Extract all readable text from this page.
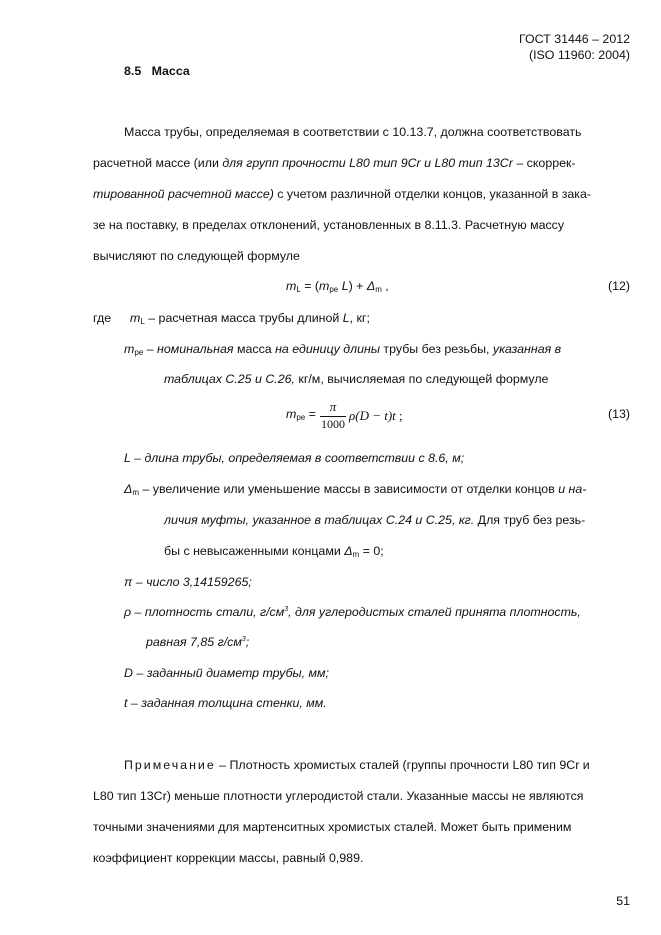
ГОСТ 31446 – 2012
(ISO 11960: 2004)
8.5 Масса
Масса трубы, определяемая в соответствии с 10.13.7, должна соответствовать
расчетной массе (или для групп прочности L80 тип 9Cr и L80 тип 13Cr – скоррек-
тированной расчетной массе) с учетом различной отделки концов, указанной в зака-
зе на поставку, в пределах отклонений, установленных в 8.11.3. Расчетную массу
вычисляют по следующей формуле
$m_L = (m_{pe}$ $L) + \Delta_m$ ,	(12)
где $m_L$ – расчетная масса трубы длиной L, кг;
$m_{pe}$ – номинальная масса на единицу длины трубы без резьбы, указанная в
таблицах С.25 и С.26, кг/м, вычисляемая по следующей формуле
$m_{pe}$ =	π
1000
ρ(D − t)t ;	(13)
L – длина трубы, определяемая в соответствии с 8.6, м;
$\Delta_m$ – увеличение или уменьшение массы в зависимости от отделки концов и на-
личия муфты, указанное в таблицах С.24 и С.25, кг. Для труб без резь-
бы с невысаженными концами $\Delta_m = 0$;
π – число 3,14159265;
ρ – плотность стали, $г/см^3$, для углеродистых сталей принята плотность,
равная 7,85 $г/см^3$;
D – заданный диаметр трубы, мм;
t – заданная толщина стенки, мм.
Примечание – Плотность хромистых сталей (группы прочности L80 тип 9Cr и
L80 тип 13Cr) меньше плотности углеродистой стали. Указанные массы не являются
точными значениями для мартенситных хромистых сталей. Может быть применим
коэффициент коррекции массы, равный 0,989.
51
